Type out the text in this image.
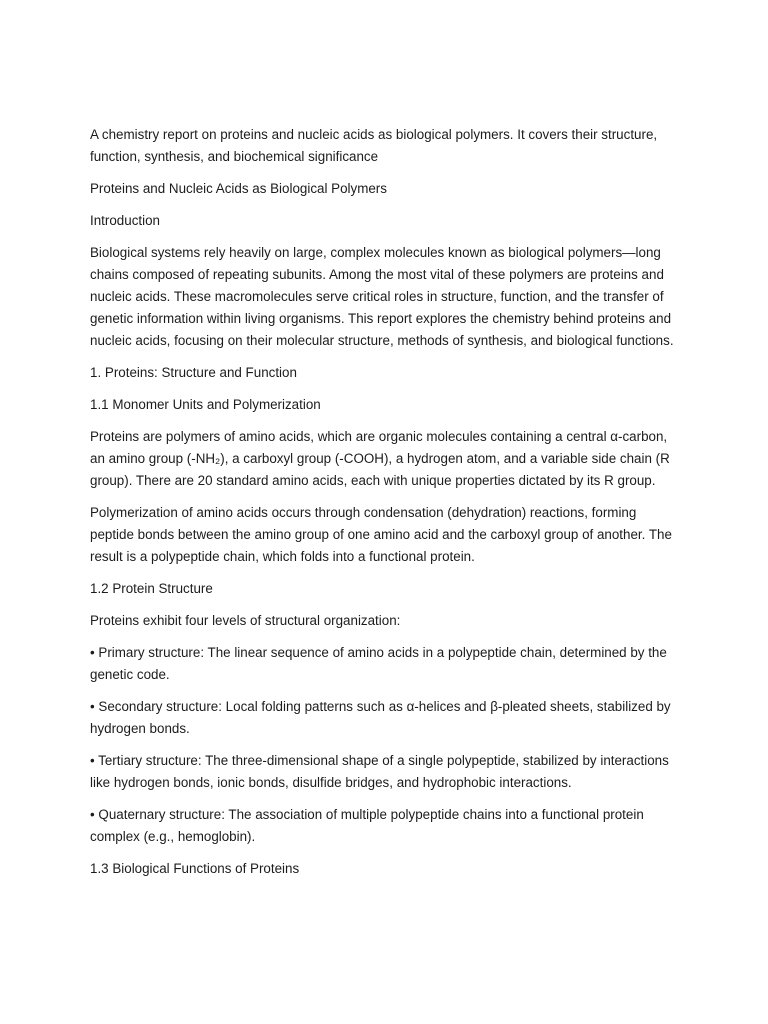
A chemistry report on proteins and nucleic acids as biological polymers. It covers their structure, function, synthesis, and biochemical significance

Proteins and Nucleic Acids as Biological Polymers

Introduction

Biological systems rely heavily on large, complex molecules known as biological polymers—long chains composed of repeating subunits. Among the most vital of these polymers are proteins and nucleic acids. These macromolecules serve critical roles in structure, function, and the transfer of genetic information within living organisms. This report explores the chemistry behind proteins and nucleic acids, focusing on their molecular structure, methods of synthesis, and biological functions.

1. Proteins: Structure and Function

1.1 Monomer Units and Polymerization

Proteins are polymers of amino acids, which are organic molecules containing a central α-carbon, an amino group (-NH₂), a carboxyl group (-COOH), a hydrogen atom, and a variable side chain (R group). There are 20 standard amino acids, each with unique properties dictated by its R group.

Polymerization of amino acids occurs through condensation (dehydration) reactions, forming peptide bonds between the amino group of one amino acid and the carboxyl group of another. The result is a polypeptide chain, which folds into a functional protein.

1.2 Protein Structure

Proteins exhibit four levels of structural organization:

• Primary structure: The linear sequence of amino acids in a polypeptide chain, determined by the genetic code.

• Secondary structure: Local folding patterns such as α-helices and β-pleated sheets, stabilized by hydrogen bonds.

• Tertiary structure: The three-dimensional shape of a single polypeptide, stabilized by interactions like hydrogen bonds, ionic bonds, disulfide bridges, and hydrophobic interactions.

• Quaternary structure: The association of multiple polypeptide chains into a functional protein complex (e.g., hemoglobin).

1.3 Biological Functions of Proteins
